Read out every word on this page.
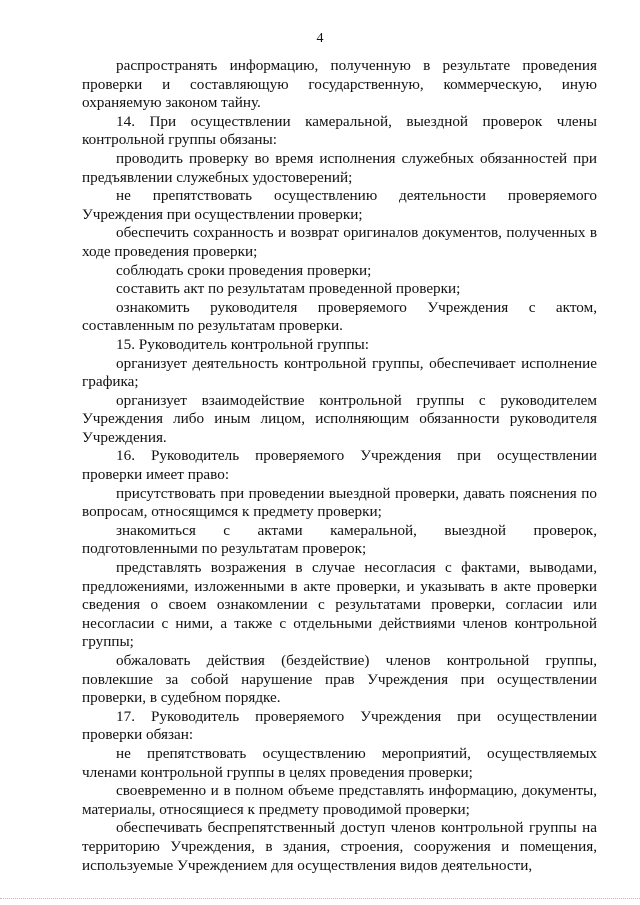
4

распространять информацию, полученную в результате проведения проверки и составляющую государственную, коммерческую, иную охраняемую законом тайну.

14. При осуществлении камеральной, выездной проверок члены контрольной группы обязаны:

проводить проверку во время исполнения служебных обязанностей при предъявлении служебных удостоверений;

не препятствовать осуществлению деятельности проверяемого Учреждения при осуществлении проверки;

обеспечить сохранность и возврат оригиналов документов, полученных в ходе проведения проверки;

соблюдать сроки проведения проверки;

составить акт по результатам проведенной проверки;

ознакомить руководителя проверяемого Учреждения с актом, составленным по результатам проверки.

15. Руководитель контрольной группы:

организует деятельность контрольной группы, обеспечивает исполнение графика;

организует взаимодействие контрольной группы с руководителем Учреждения либо иным лицом, исполняющим обязанности руководителя Учреждения.

16. Руководитель проверяемого Учреждения при осуществлении проверки имеет право:

присутствовать при проведении выездной проверки, давать пояснения по вопросам, относящимся к предмету проверки;

знакомиться с актами камеральной, выездной проверок, подготовленными по результатам проверок;

представлять возражения в случае несогласия с фактами, выводами, предложениями, изложенными в акте проверки, и указывать в акте проверки сведения о своем ознакомлении с результатами проверки, согласии или несогласии с ними, а также с отдельными действиями членов контрольной группы;

обжаловать действия (бездействие) членов контрольной группы, повлекшие за собой нарушение прав Учреждения при осуществлении проверки, в судебном порядке.

17. Руководитель проверяемого Учреждения при осуществлении проверки обязан:

не препятствовать осуществлению мероприятий, осуществляемых членами контрольной группы в целях проведения проверки;

своевременно и в полном объеме представлять информацию, документы, материалы, относящиеся к предмету проводимой проверки;

обеспечивать беспрепятственный доступ членов контрольной группы на территорию Учреждения, в здания, строения, сооружения и помещения, используемые Учреждением для осуществления видов деятельности,
